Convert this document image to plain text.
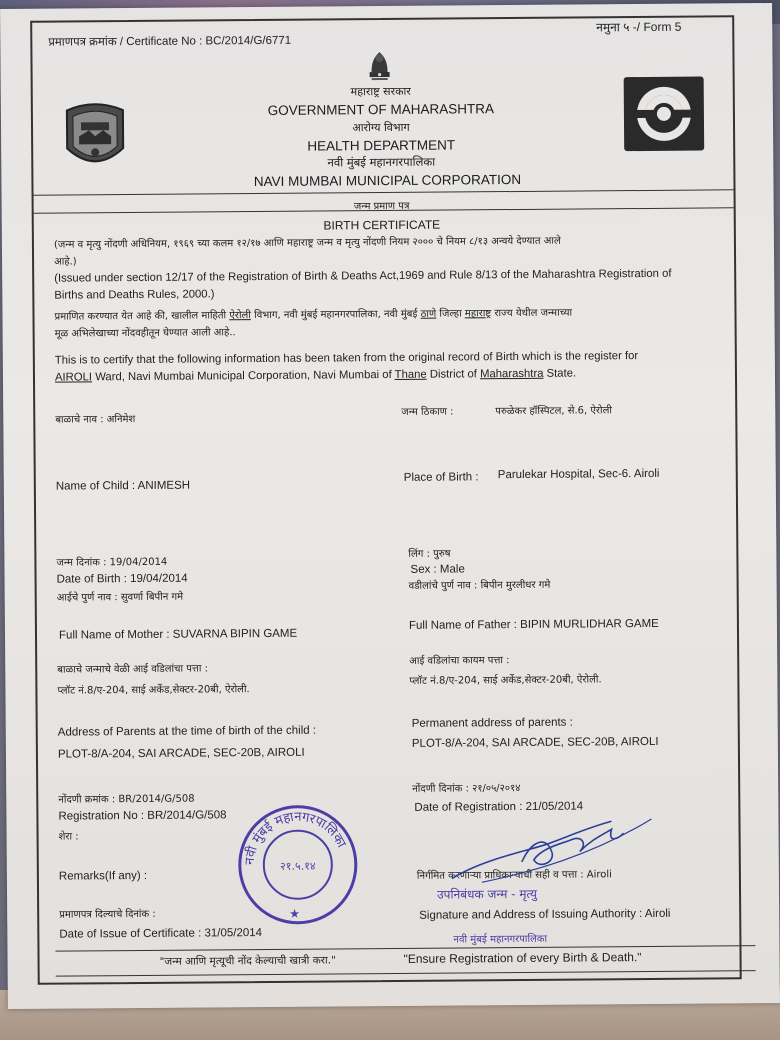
प्रमाणपत्र क्रमांक / Certificate No : BC/2014/G/6771
नमुना ५ -/ Form 5
महाराष्ट्र सरकार
GOVERNMENT OF MAHARASHTRA
आरोग्य विभाग
HEALTH DEPARTMENT
नवी मुंबई महानगरपालिका
NAVI MUMBAI MUNICIPAL CORPORATION
जन्म प्रमाण पत्र
BIRTH CERTIFICATE
(जन्म व मृत्यु नोंदणी अधिनियम, १९६९ च्या कलम १२/१७ आणि महाराष्ट्र जन्म व मृत्यु नोंदणी नियम २००० चे नियम ८/१३ अन्वये देण्यात आले
आहे.)
(Issued under section 12/17 of the Registration of Birth & Deaths Act,1969 and Rule 8/13 of the Maharashtra Registration of
Births and Deaths Rules, 2000.)
प्रमाणित करण्यात येत आहे की, खालील माहिती ऐरोली विभाग, नवी मुंबई महानगरपालिका, नवी मुंबई ठाणे जिल्हा महाराष्ट्र राज्य येथील जन्माच्या
मूळ अभिलेखाच्या नोंदवहीतून घेण्यात आली आहे..
This is to certify that the following information has been taken from the original record of Birth which is the register for
AIROLI Ward, Navi Mumbai Municipal Corporation, Navi Mumbai of Thane District of Maharashtra State.
बाळाचे नाव : अनिमेश
जन्म ठिकाण :	परुळेकर हॉस्पिटल, से.6, ऐरोली
Name of Child : ANIMESH
Place of Birth : Parulekar Hospital, Sec-6. Airoli
जन्म दिनांक : 19/04/2014
Date of Birth : 19/04/2014
आईचे पुर्ण नाव : सुवर्णा बिपीन गमे
लिंग : पुरुष
Sex : Male
वडीलांचे पुर्ण नाव : बिपीन मुरलीधर गमे
Full Name of Mother : SUVARNA BIPIN GAME
Full Name of Father : BIPIN MURLIDHAR GAME
बाळाचे जन्माचे वेळी आई वडिलांचा पत्ता :
प्लॉट नं.8/ए-204, साई अर्केड,सेक्टर-20बी, ऐरोली.
आई वडिलांचा कायम पत्ता :
प्लॉट नं.8/ए-204, साई अर्केड,सेक्टर-20बी, ऐरोली.
Address of Parents at the time of birth of the child :
PLOT-8/A-204, SAI ARCADE, SEC-20B, AIROLI
Permanent address of parents :
PLOT-8/A-204, SAI ARCADE, SEC-20B, AIROLI
नोंदणी क्रमांक : BR/2014/G/508
Registration No : BR/2014/G/508
शेरा :
नोंदणी दिनांक : २१/०५/२०१४
Date of Registration : 21/05/2014
Remarks(If any) :	निर्गमित करणाऱ्या प्राधिकाऱ्याची सही व पत्ता : Airoli
प्रमाणपत्र दिल्याचे दिनांक :
Date of Issue of Certificate : 31/05/2014
Signature and Address of Issuing Authority : Airoli
उपनिबंधक जन्म - मृत्यु
नवी मुंबई महानगरपालिका
नवी मुंबई महानगरपालिका
२१.५.१४
★
"जन्म आणि मृत्यूची नोंद केल्याची खात्री करा."	"Ensure Registration of every Birth & Death."
